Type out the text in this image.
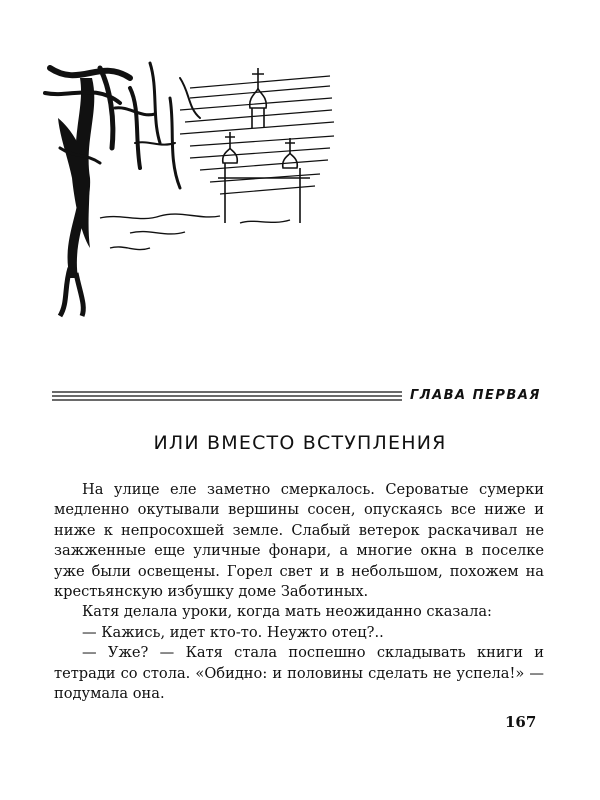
ГЛАВА ПЕРВАЯ
ИЛИ ВМЕСТО ВСТУПЛЕНИЯ

На улице еле заметно смеркалось. Сероватые сумерки медленно окутывали вершины сосен, опускаясь все ниже и ниже к непросохшей земле. Слабый ветерок раскачивал не зажженные еще уличные фонари, а многие окна в поселке уже были освещены. Горел свет и в небольшом, похожем на крестьянскую избушку доме Заботиных.

Катя делала уроки, когда мать неожиданно сказала:

— Кажись, идет кто-то. Неужто отец?..

— Уже? — Катя стала поспешно складывать книги и тетради со стола. «Обидно: и половины сделать не успела!» — подумала она.

167
